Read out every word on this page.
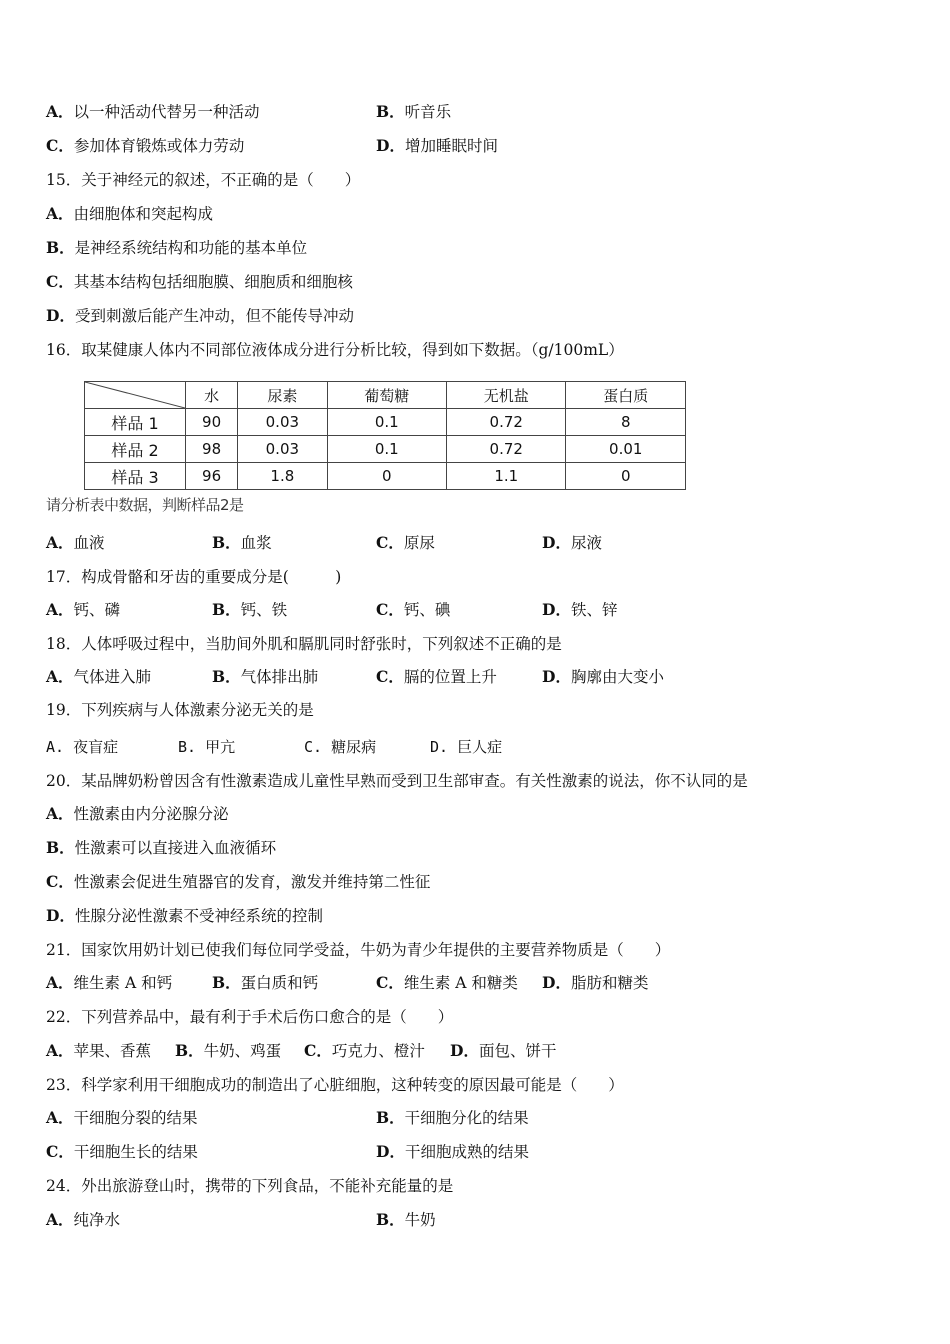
A．以一种活动代替另一种活动	B．听音乐
C．参加体育锻炼或体力劳动	D．增加睡眠时间
15．关于神经元的叙述，不正确的是（　　）
A．由细胞体和突起构成
B．是神经系统结构和功能的基本单位
C．其基本结构包括细胞膜、细胞质和细胞核
D．受到刺激后能产生冲动，但不能传导冲动
16．取某健康人体内不同部位液体成分进行分析比较，得到如下数据。（g/100mL）
	水	尿素	葡萄糖	无机盐	蛋白质
样品 1	90	0.03	0.1	0.72	8
样品 2	98	0.03	0.1	0.72	0.01
样品 3	96	1.8	0	1.1	0
请分析表中数据，判断样品2是
A．血液	B．血浆	C．原尿	D．尿液
17．构成骨骼和牙齿的重要成分是(　　　)
A．钙、磷	B．钙、铁	C．钙、碘	D．铁、锌
18．人体呼吸过程中，当肋间外肌和膈肌同时舒张时，下列叙述不正确的是
A．气体进入肺	B．气体排出肺	C．膈的位置上升	D．胸廓由大变小
19．下列疾病与人体激素分泌无关的是
A. 夜盲症	B. 甲亢	C. 糖尿病	D. 巨人症
20．某品牌奶粉曾因含有性激素造成儿童性早熟而受到卫生部审查。有关性激素的说法，你不认同的是
A．性激素由内分泌腺分泌
B．性激素可以直接进入血液循环
C．性激素会促进生殖器官的发育，激发并维持第二性征
D．性腺分泌性激素不受神经系统的控制
21．国家饮用奶计划已使我们每位同学受益，牛奶为青少年提供的主要营养物质是（　　）
A．维生素 A 和钙	B．蛋白质和钙	C．维生素 A 和糖类 D．脂肪和糖类
22．下列营养品中，最有利于手术后伤口愈合的是（　　）
A．苹果、香蕉 B．牛奶、鸡蛋 C．巧克力、橙汁 D．面包、饼干
23．科学家利用干细胞成功的制造出了心脏细胞，这种转变的原因最可能是（　　）
A．干细胞分裂的结果	B．干细胞分化的结果
C．干细胞生长的结果	D．干细胞成熟的结果
24．外出旅游登山时，携带的下列食品，不能补充能量的是
A．纯净水	B．牛奶
